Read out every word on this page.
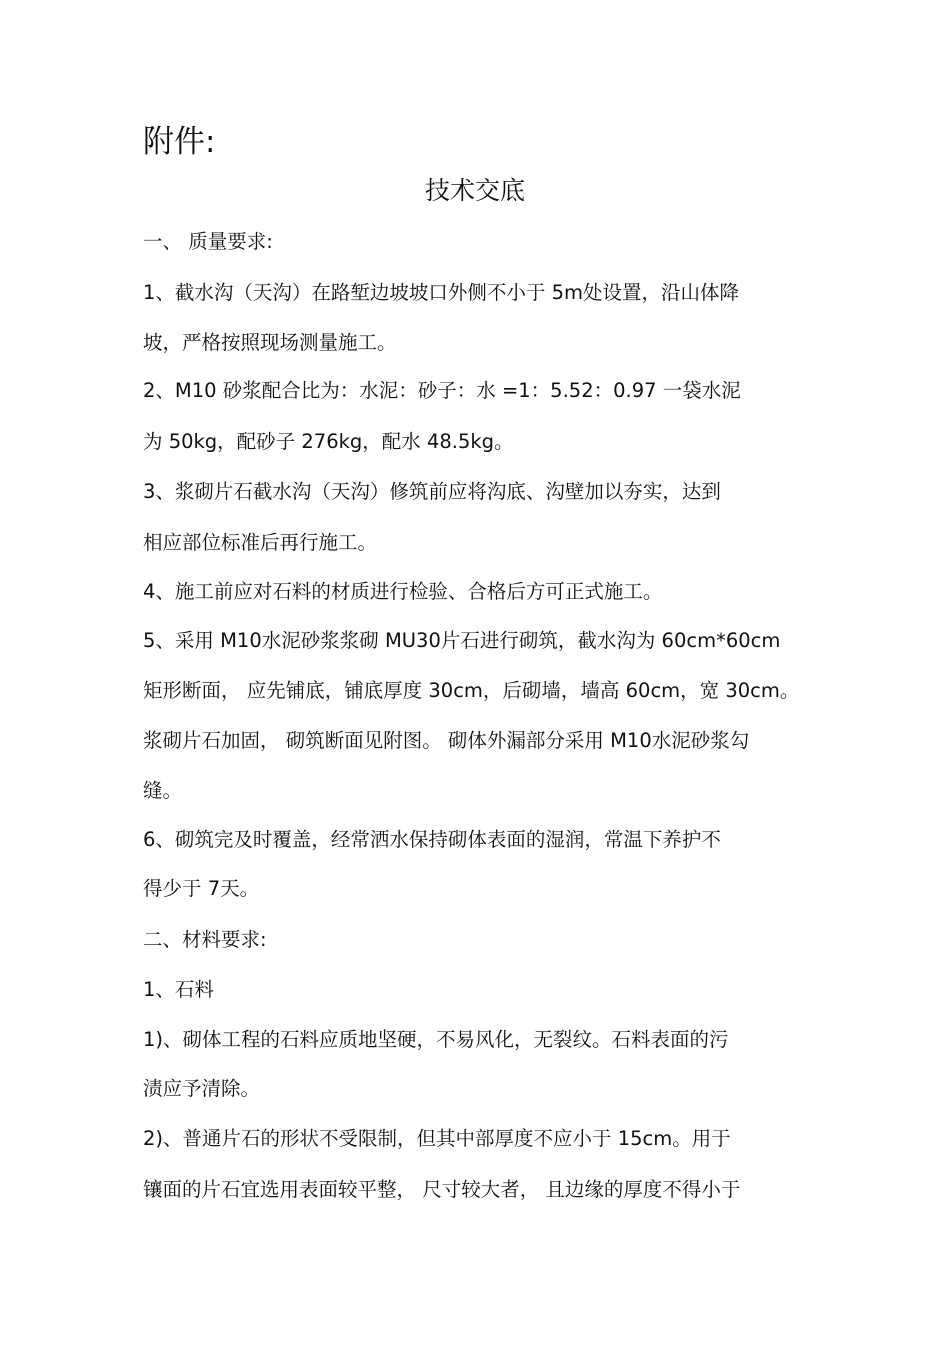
附件:
技术交底
一、 质量要求:
1、截水沟（天沟）在路堑边坡坡口外侧不小于 5m处设置，沿山体降
坡，严格按照现场测量施工。
2、M10 砂浆配合比为：水泥：砂子：水 =1：5.52：0.97 一袋水泥
为 50kg，配砂子 276kg，配水 48.5kg。
3、浆砌片石截水沟（天沟）修筑前应将沟底、沟壁加以夯实，达到
相应部位标准后再行施工。
4、施工前应对石料的材质进行检验、合格后方可正式施工。
5、采用 M10水泥砂浆浆砌 MU30片石进行砌筑，截水沟为 60cm*60cm
矩形断面， 应先铺底，铺底厚度 30cm，后砌墙，墙高 60cm，宽 30cm。
浆砌片石加固， 砌筑断面见附图。 砌体外漏部分采用 M10水泥砂浆勾
缝。
6、砌筑完及时覆盖，经常洒水保持砌体表面的湿润，常温下养护不
得少于 7天。
二、材料要求:
1、石料
1)、砌体工程的石料应质地坚硬，不易风化，无裂纹。石料表面的污
渍应予清除。
2)、普通片石的形状不受限制，但其中部厚度不应小于 15cm。用于
镶面的片石宜选用表面较平整， 尺寸较大者， 且边缘的厚度不得小于
